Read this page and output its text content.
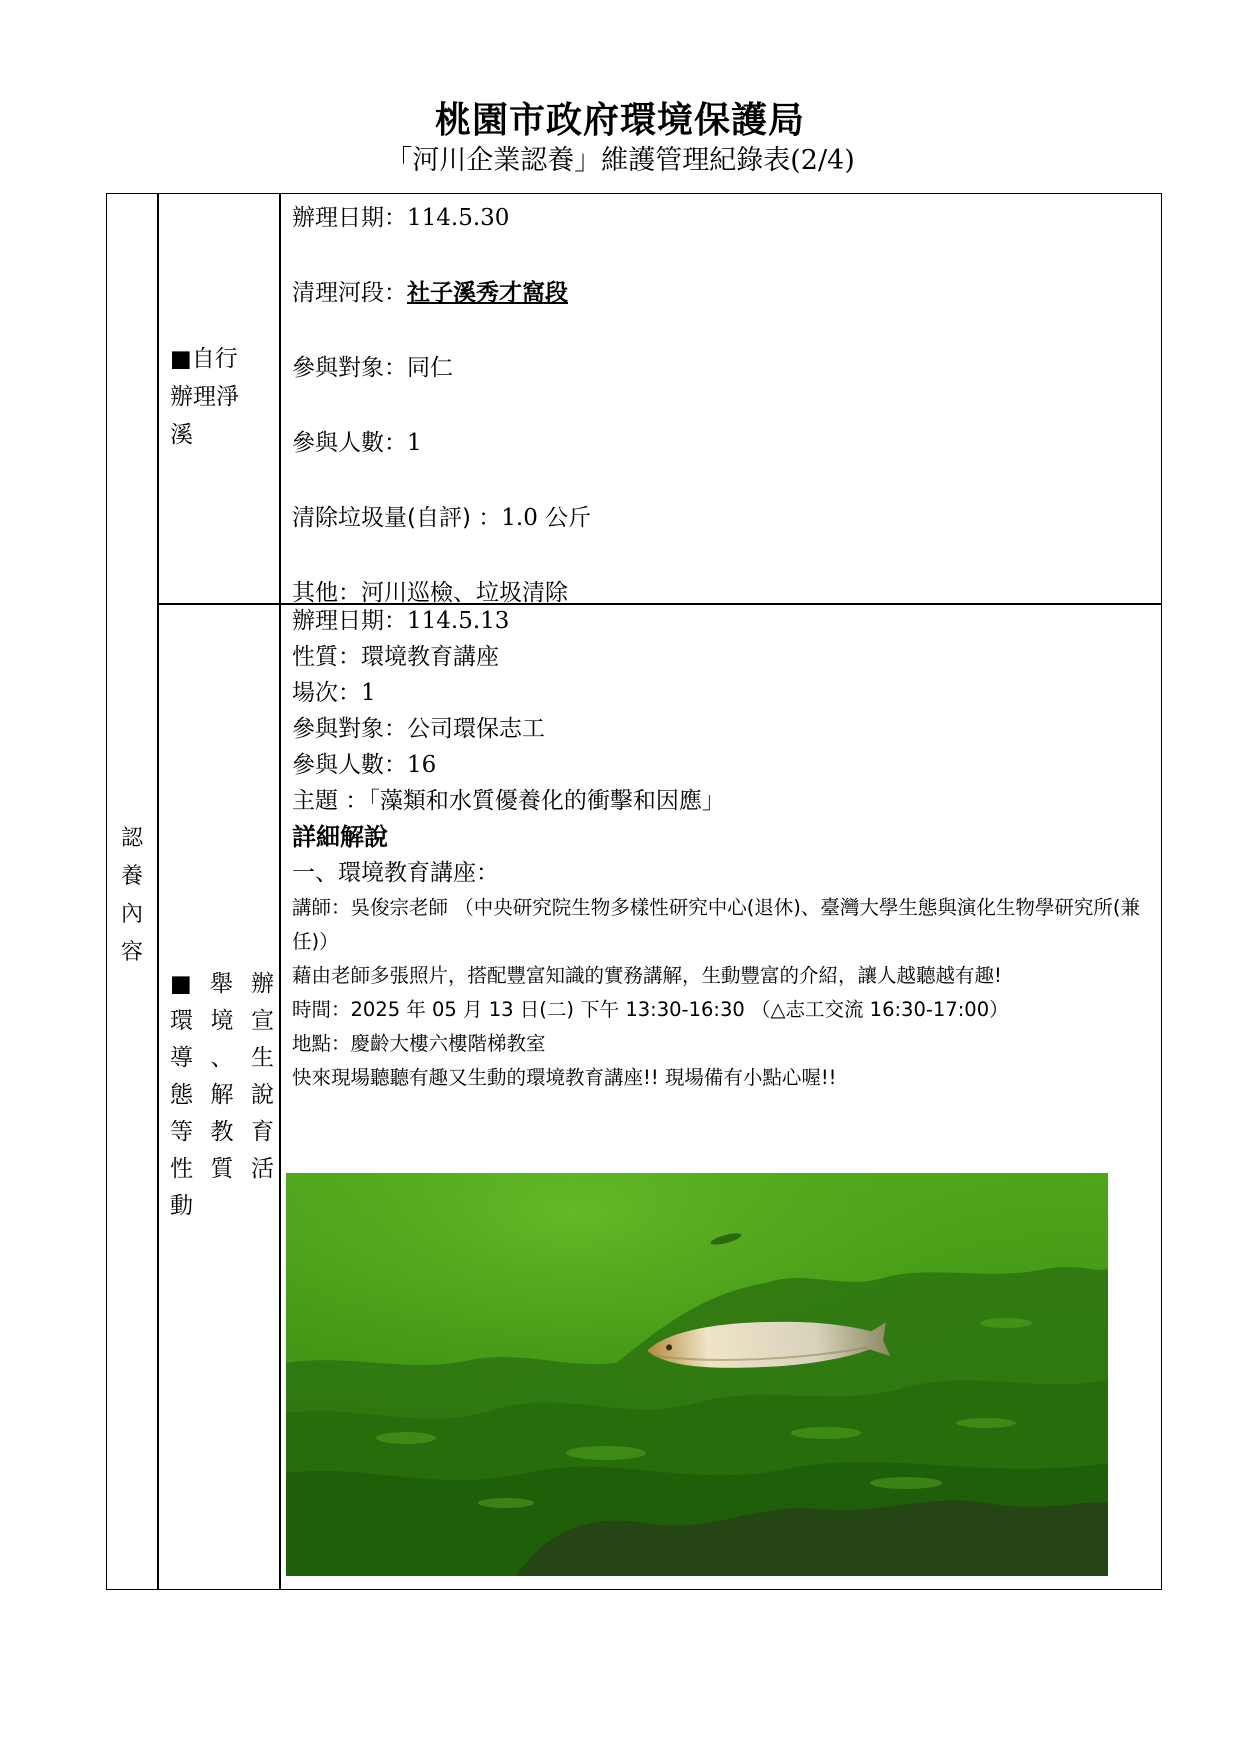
桃園市政府環境保護局
「河川企業認養」維護管理紀錄表(2/4)
認
養
內
容
■自行
辦理淨
溪
辦理日期：114.5.30
清理河段：社子溪秀才窩段
參與對象：同仁
參與人數：1
清除垃圾量(自評) ：1.0 公斤
其他：河川巡檢、垃圾清除
■ 舉 辦
環 境 宣
導 、 生
態 解 說
等 教 育
性 質 活
動
辦理日期：114.5.13
性質：環境教育講座
場次：1
參與對象：公司環保志工
參與人數：16
主題 ：「藻類和水質優養化的衝擊和因應」
詳細解說
一、環境教育講座：
講師：吳俊宗老師 （中央研究院生物多樣性研究中心(退休)、臺灣大學生態與演化生物學研究所(兼任)）
藉由老師多張照片，搭配豐富知識的實務講解，生動豐富的介紹，讓人越聽越有趣!
時間：2025 年 05 月 13 日(二) 下午 13:30-16:30 （△志工交流 16:30-17:00）
地點：慶齡大樓六樓階梯教室
快來現場聽聽有趣又生動的環境教育講座!! 現場備有小點心喔!!
